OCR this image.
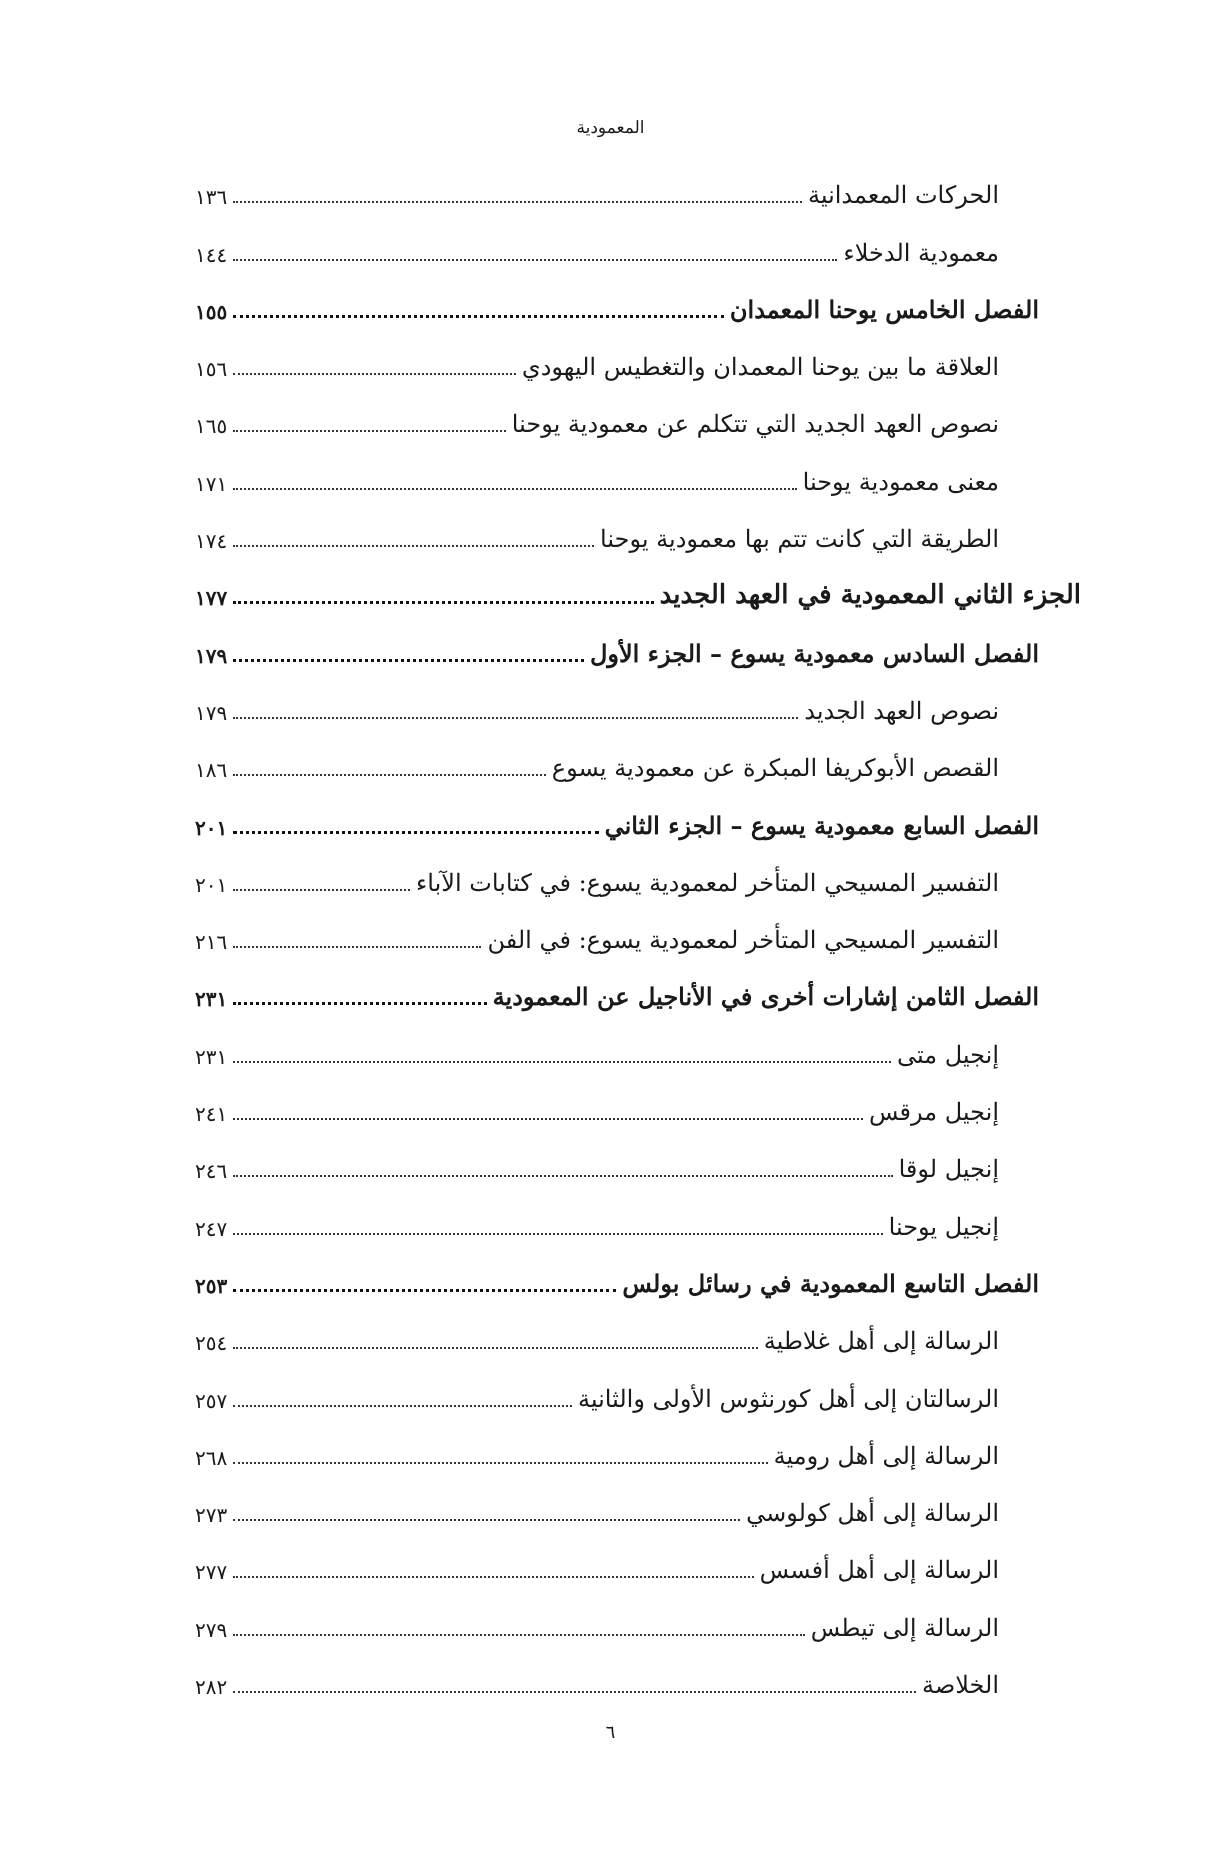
المعمودية
الحركات المعمدانية
١٣٦
معمودية الدخلاء
١٤٤
الفصل الخامس يوحنا المعمدان
١٥٥
العلاقة ما بين يوحنا المعمدان والتغطيس اليهودي
١٥٦
نصوص العهد الجديد التي تتكلم عن معمودية يوحنا
١٦٥
معنى معمودية يوحنا
١٧١
الطريقة التي كانت تتم بها معمودية يوحنا
١٧٤
الجزء الثاني المعمودية في العهد الجديد
١٧٧
الفصل السادس معمودية يسوع – الجزء الأول
١٧٩
نصوص العهد الجديد
١٧٩
القصص الأبوكريفا المبكرة عن معمودية يسوع
١٨٦
الفصل السابع معمودية يسوع – الجزء الثاني
٢٠١
التفسير المسيحي المتأخر لمعمودية يسوع: في كتابات الآباء
٢٠١
التفسير المسيحي المتأخر لمعمودية يسوع: في الفن
٢١٦
الفصل الثامن إشارات أخرى في الأناجيل عن المعمودية
٢٣١
إنجيل متى
٢٣١
إنجيل مرقس
٢٤١
إنجيل لوقا
٢٤٦
إنجيل يوحنا
٢٤٧
الفصل التاسع المعمودية في رسائل بولس
٢٥٣
الرسالة إلى أهل غلاطية
٢٥٤
الرسالتان إلى أهل كورنثوس الأولى والثانية
٢٥٧
الرسالة إلى أهل رومية
٢٦٨
الرسالة إلى أهل كولوسي
٢٧٣
الرسالة إلى أهل أفسس
٢٧٧
الرسالة إلى تيطس
٢٧٩
الخلاصة
٢٨٢
٦
